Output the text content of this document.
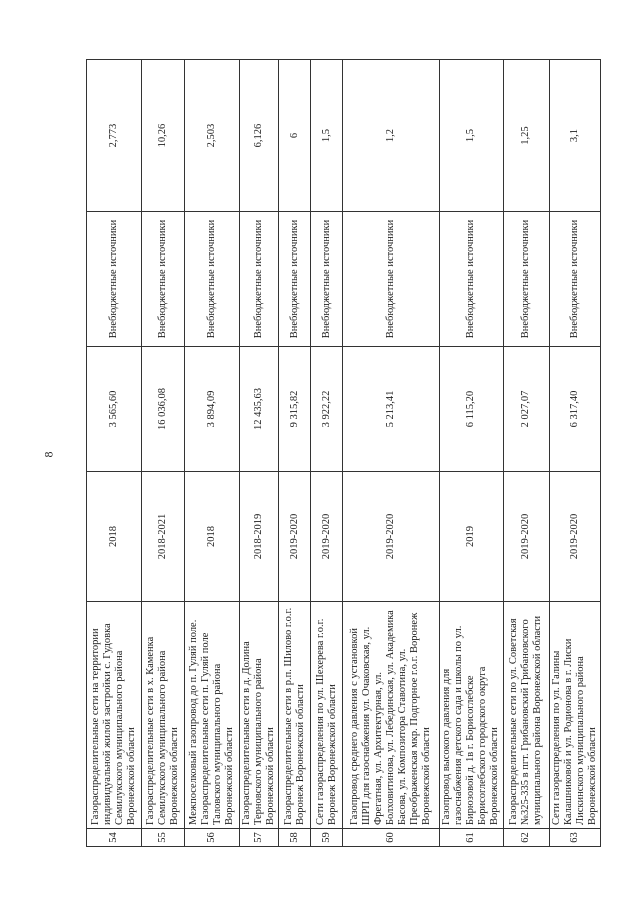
8
54	Газораспределительные сети на территории индивидуальной жилой застройки с. Гудовка Семилукского муниципального района Воронежской области	2018	3 565,60	Внебюджетные источники	2,773
55	Газораспределительные сети в х. Каменка Семилукского муниципального района Воронежской области	2018-2021	16 036,08	Внебюджетные источники	10,26
56	Межпоселковый газопровод до п. Гуляй поле. Газораспределительные сети п. Гуляй поле Таловского муниципального района Воронежской области	2018	3 894,09	Внебюджетные источники	2,503
57	Газораспределительные сети в д. Долина Терновского муниципального района Воронежской области	2018-2019	12 435,63	Внебюджетные источники	6,126
58	Газораспределительные сети в р.п. Шилово г.о.г. Воронеж Воронежской области	2019-2020	9 315,82	Внебюджетные источники	6
59	Сети газораспределения по ул. Шехерева г.о.г. Воронеж Воронежской области	2019-2020	3 922,22	Внебюджетные источники	1,5
60	Газопровод среднего давления с установкой ШРП для газоснабжения ул. Очаковская, ул. Фрегатная, ул. Архитектурная, ул. Болховитинова, ул. Лебединская, ул. Академика Басова, ул. Композитора Ставотина, ул. Преображенская мкр. Подгорное г.о.г. Воронеж Воронежской области	2019-2020	5 213,41	Внебюджетные источники	1,2
61	Газопровод высокого давления для газоснабжения детского сада и школы по ул. Бирюзовой д. 1в г. Борисоглебске Борисоглебского городского округа Воронежской области	2019	6 115,20	Внебюджетные источники	1,5
62	Газораспределительные сети по ул. Советская №325-335 в пгт. Грибановский Грибановского муниципального района Воронежской области	2019-2020	2 027,07	Внебюджетные источники	1,25
63	Сети газораспределения по ул. Галины Калашниковой и ул. Родионова в г. Лиски Лискинского муниципального района Воронежской области	2019-2020	6 317,40	Внебюджетные источники	3,1
